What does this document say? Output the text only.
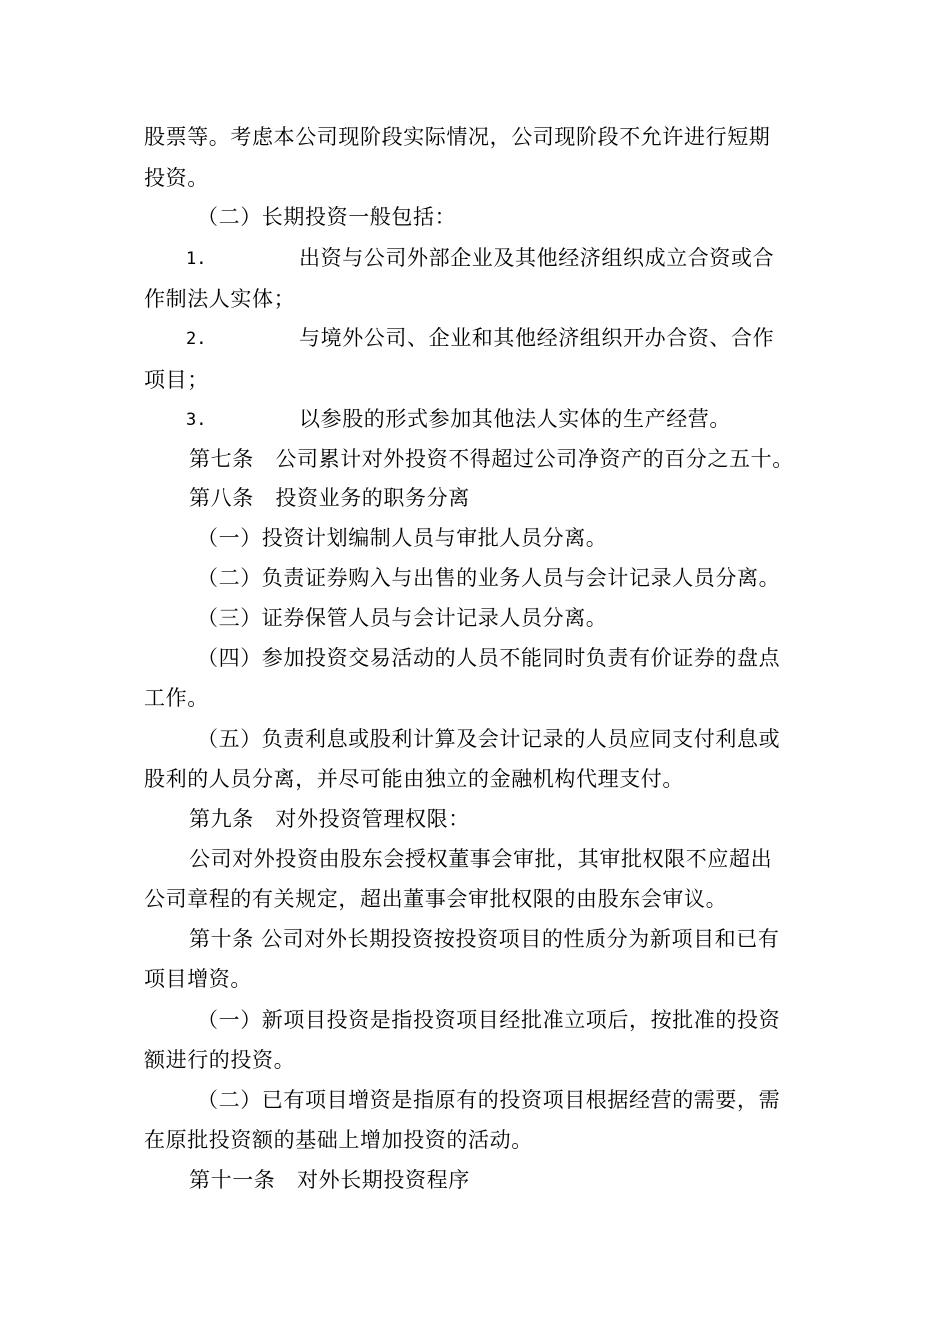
股票等。考虑本公司现阶段实际情况，公司现阶段不允许进行短期
投资。
（二）长期投资一般包括：
1.	出资与公司外部企业及其他经济组织成立合资或合
作制法人实体；
2.	与境外公司、企业和其他经济组织开办合资、合作
项目；
3.	以参股的形式参加其他法人实体的生产经营。
第七条　公司累计对外投资不得超过公司净资产的百分之五十。
第八条　投资业务的职务分离
（一）投资计划编制人员与审批人员分离。
（二）负责证券购入与出售的业务人员与会计记录人员分离。
（三）证券保管人员与会计记录人员分离。
（四）参加投资交易活动的人员不能同时负责有价证券的盘点
工作。
（五）负责利息或股利计算及会计记录的人员应同支付利息或
股利的人员分离，并尽可能由独立的金融机构代理支付。
第九条　对外投资管理权限：
公司对外投资由股东会授权董事会审批，其审批权限不应超出
公司章程的有关规定，超出董事会审批权限的由股东会审议。
第十条 公司对外长期投资按投资项目的性质分为新项目和已有
项目增资。
（一）新项目投资是指投资项目经批准立项后，按批准的投资
额进行的投资。
（二）已有项目增资是指原有的投资项目根据经营的需要，需
在原批投资额的基础上增加投资的活动。
第十一条　对外长期投资程序
